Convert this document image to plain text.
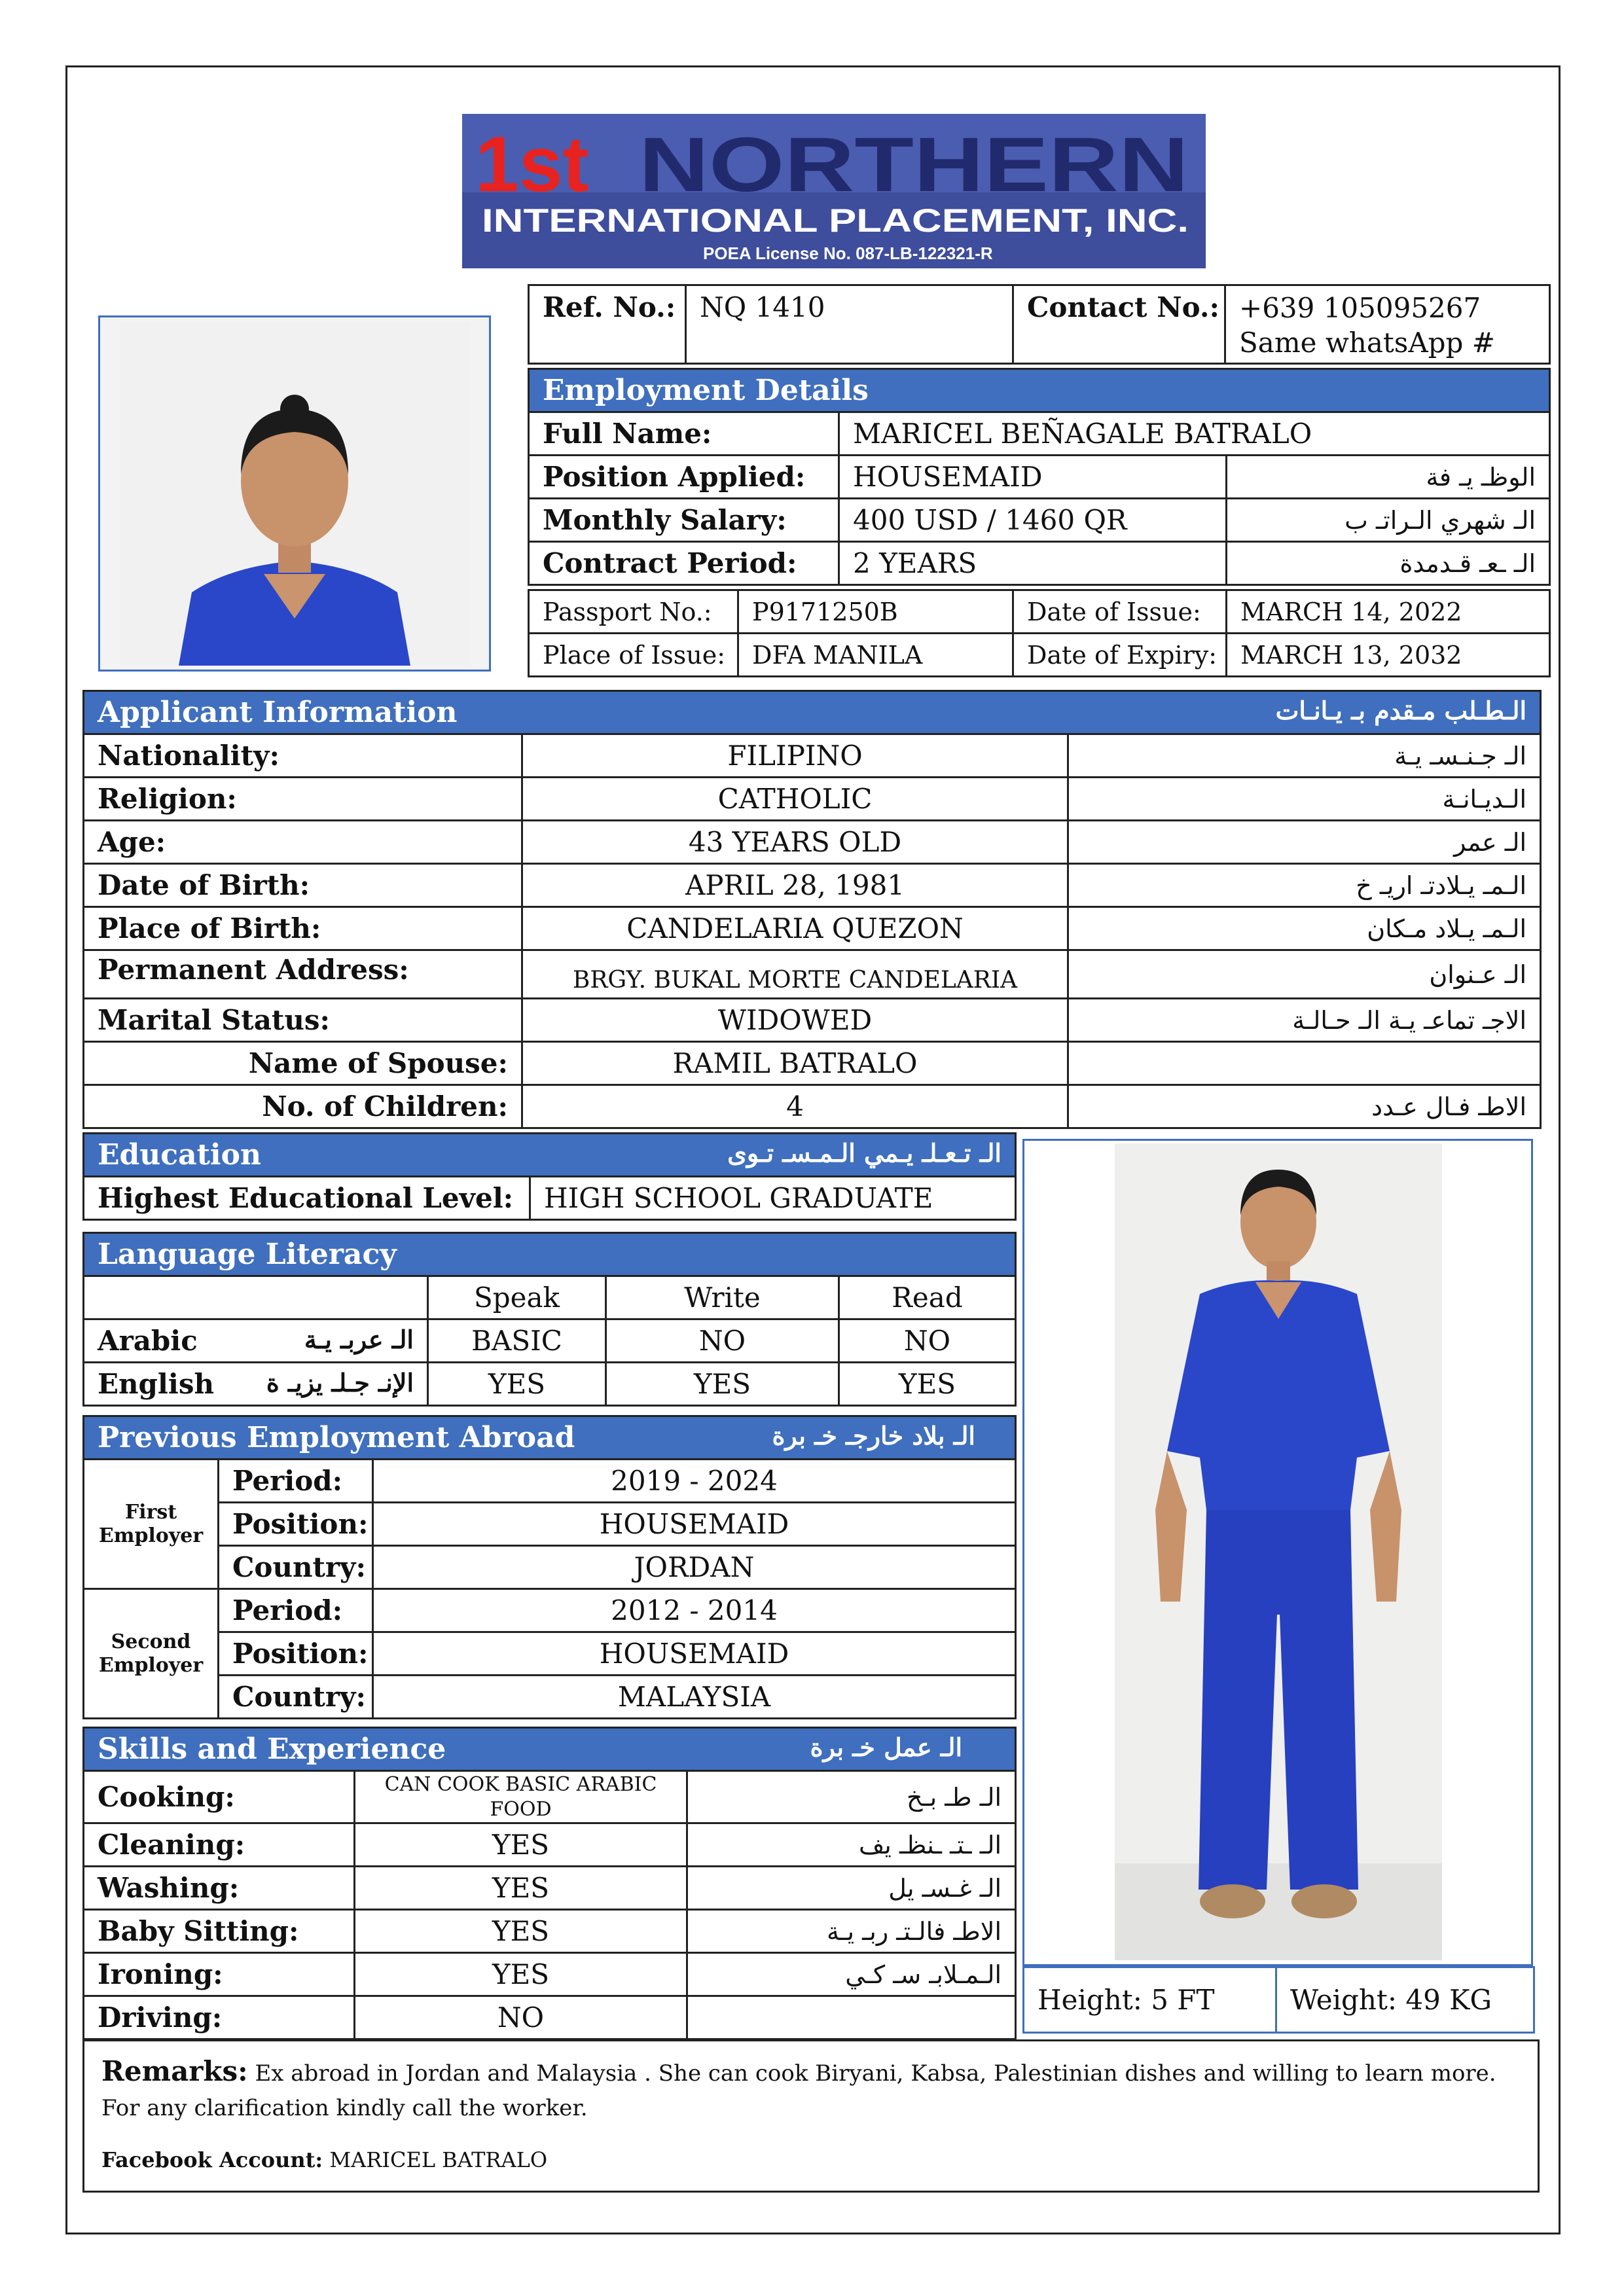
1st NORTHERN
INTERNATIONAL PLACEMENT, INC.
POEA License No. 087-LB-122321-R
Ref. No.:	NQ 1410	Contact No.:	+639 105095267
Same whatsApp #
Employment Details		
Full Name:	MARICEL BEÑAGALE BATRALO	
Position Applied:	HOUSEMAID	الوظـ يـ فة
Monthly Salary:	400 USD / 1460 QR	الـ شهري الـراتـ ب
Contract Period:	2 YEARS	الـ ـعـ قـدمدة
Passport No.:	P9171250B	Date of Issue:	MARCH 14, 2022
Place of Issue:	DFA MANILA	Date of Expiry:	MARCH 13, 2032
Applicant Information الـطـلب مـقدم بـ يـانـات		

Nationality:	FILIPINO	الـ جـنـسـ يـة
Religion:	CATHOLIC	الـديـانـة
Age:	43 YEARS OLD	الـ عمر
Date of Birth:	APRIL 28, 1981	الـمـ يـلادتـ اريـ خ
Place of Birth:	CANDELARIA QUEZON	الـمـ يـلاد مـكان
Permanent Address:	BRGY. BUKAL MORTE CANDELARIA	الـ عـنوان
Marital Status:	WIDOWED	الاجـ تماعـ يـة الـ حـالـة
Name of Spouse:	RAMIL BATRALO	
No. of Children:	4	الاطـ فـال عـدد
Education	الـ تـعـلـ يـمي الـمـسـ تـوى

Highest Educational Level:	HIGH SCHOOL GRADUATE
Language Literacy			
	Speak	Write	Read
Arabic الـ عربـ يـة	BASIC	NO	NO
English الإنـ جـلـ يزيـ ة	YES	YES	YES
Previous Employment Abroad الـ بلاد خارجـ خـ برة		

First Employer	Period:	2019 - 2024
	Position:	HOUSEMAID
	Country:	JORDAN
Second Employer	Period:	2012 - 2014
	Position:	HOUSEMAID
	Country:	MALAYSIA
Skills and Experience الـ عمل خـ برة		

Cooking:	CAN COOK BASIC ARABIC FOOD	الـ طـ بـخ
Cleaning:	YES	الـ ـتـ ـنظـ يف
Washing:	YES	الـ غـسـ يل
Baby Sitting:	YES	الاطـ فالـتـ ربـ يـة
Ironing:	YES	الـمـلابـ سـ كـي
Driving:	NO	
Height: 5 FT	Weight: 49 KG
Remarks: Ex abroad in Jordan and Malaysia . She can cook Biryani, Kabsa, Palestinian dishes and willing to learn more. For any clarification kindly call the worker.
Facebook Account: MARICEL BATRALO
